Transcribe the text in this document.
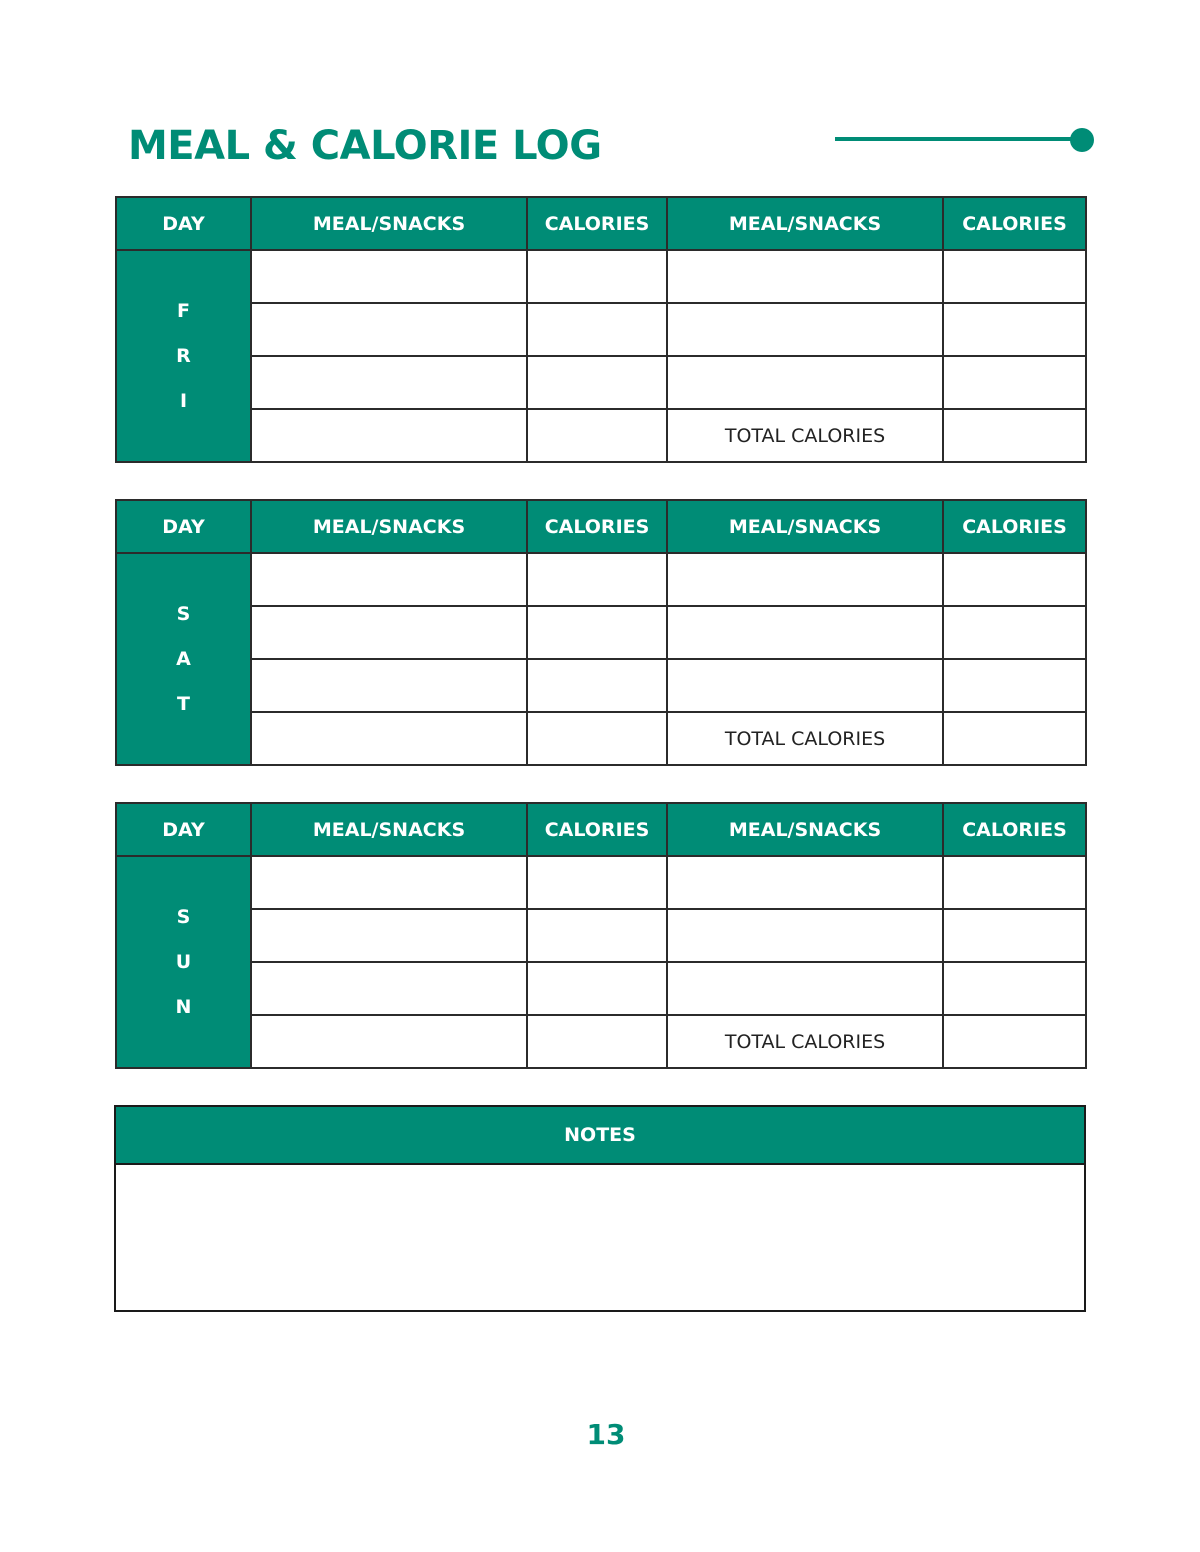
MEAL & CALORIE LOG
DAY	MEAL/SNACKS	CALORIES	MEAL/SNACKS	CALORIES

F
R
I				

			TOTAL CALORIES	
DAY	MEAL/SNACKS	CALORIES	MEAL/SNACKS	CALORIES

S
A
T				

			TOTAL CALORIES	
DAY	MEAL/SNACKS	CALORIES	MEAL/SNACKS	CALORIES

S
U
N				

			TOTAL CALORIES	
NOTES
13
